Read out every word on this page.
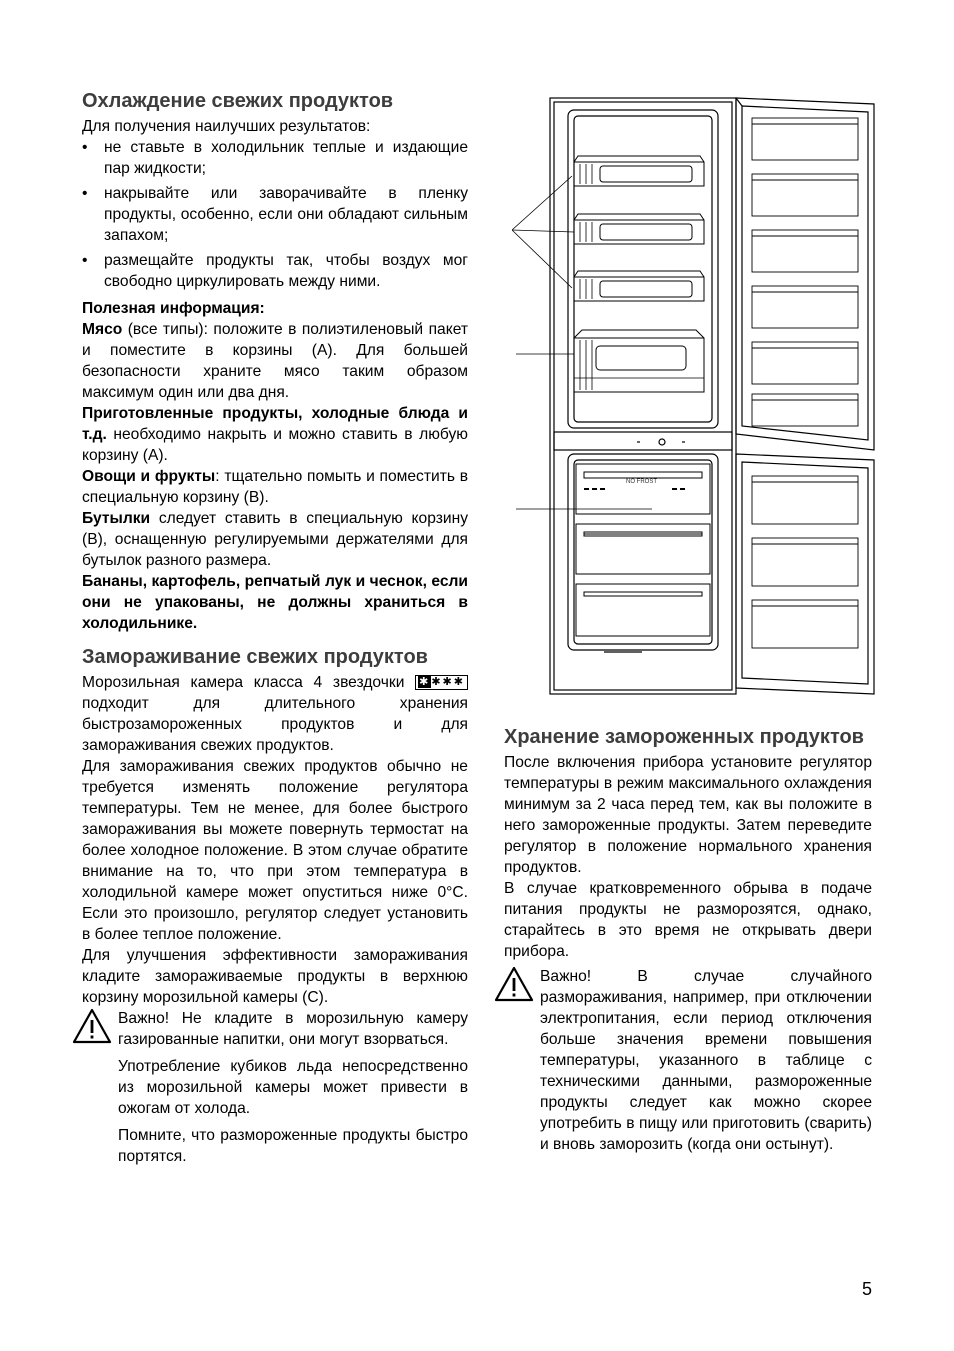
Охлаждение свежих продуктов

Для получения наилучших результатов:

• не ставьте в холодильник теплые и издающие пар жидкости;
• накрывайте или заворачивайте в пленку продукты, особенно, если они обладают сильным запахом;
• размещайте продукты так, чтобы воздух мог свободно циркулировать между ними.

Полезная информация:

Мясо (все типы): положите в полиэтиленовый пакет и поместите в корзины (А). Для большей безопасности храните мясо таким образом максимум один или два дня.

Приготовленные продукты, холодные блюда и т.д. необходимо накрыть и можно ставить в любую корзину (А).

Овощи и фрукты: тщательно помыть и поместить в специальную корзину (В).

Бутылки следует ставить в специальную корзину (В), оснащенную регулируемыми держателями для бутылок разного размера.

Бананы, картофель, репчатый лук и чеснок, если они не упакованы, не должны храниться в холодильнике.

Замораживание свежих продуктов

Морозильная камера класса 4 звездочки ✱✱✱✱ подходит для длительного хранения быстрозамороженных продуктов и для замораживания свежих продуктов.

Для замораживания свежих продуктов обычно не требуется изменять положение регулятора температуры. Тем не менее, для более быстрого замораживания вы можете повернуть термостат на более холодное положение. В этом случае обратите внимание на то, что при этом температура в холодильной камере может опуститься ниже 0°С. Если это произошло, регулятор следует установить в более теплое положение.

Для улучшения эффективности замораживания кладите замораживаемые продукты в верхнюю корзину морозильной камеры (С).

Важно! Не кладите в морозильную камеру газированные напитки, они могут взорваться.

Употребление кубиков льда непосредственно из морозильной камеры может привести в ожогам от холода.

Помните, что размороженные продукты быстро портятся.

NO FROST
Хранение замороженных продуктов

После включения прибора установите регулятор температуры в режим максимального охлаждения минимум за 2 часа перед тем, как вы положите в него замороженные продукты. Затем переведите регулятор в положение нормального хранения продуктов.

В случае кратковременного обрыва в подаче питания продукты не разморозятся, однако, старайтесь в это время не открывать двери прибора.

Важно! В случае случайного размораживания, например, при отключении электропитания, если период отключения больше значения времени повышения температуры, указанного в таблице с техническими данными, размороженные продукты следует как можно скорее употребить в пищу или приготовить (сварить) и вновь заморозить (когда они остынут).

5
